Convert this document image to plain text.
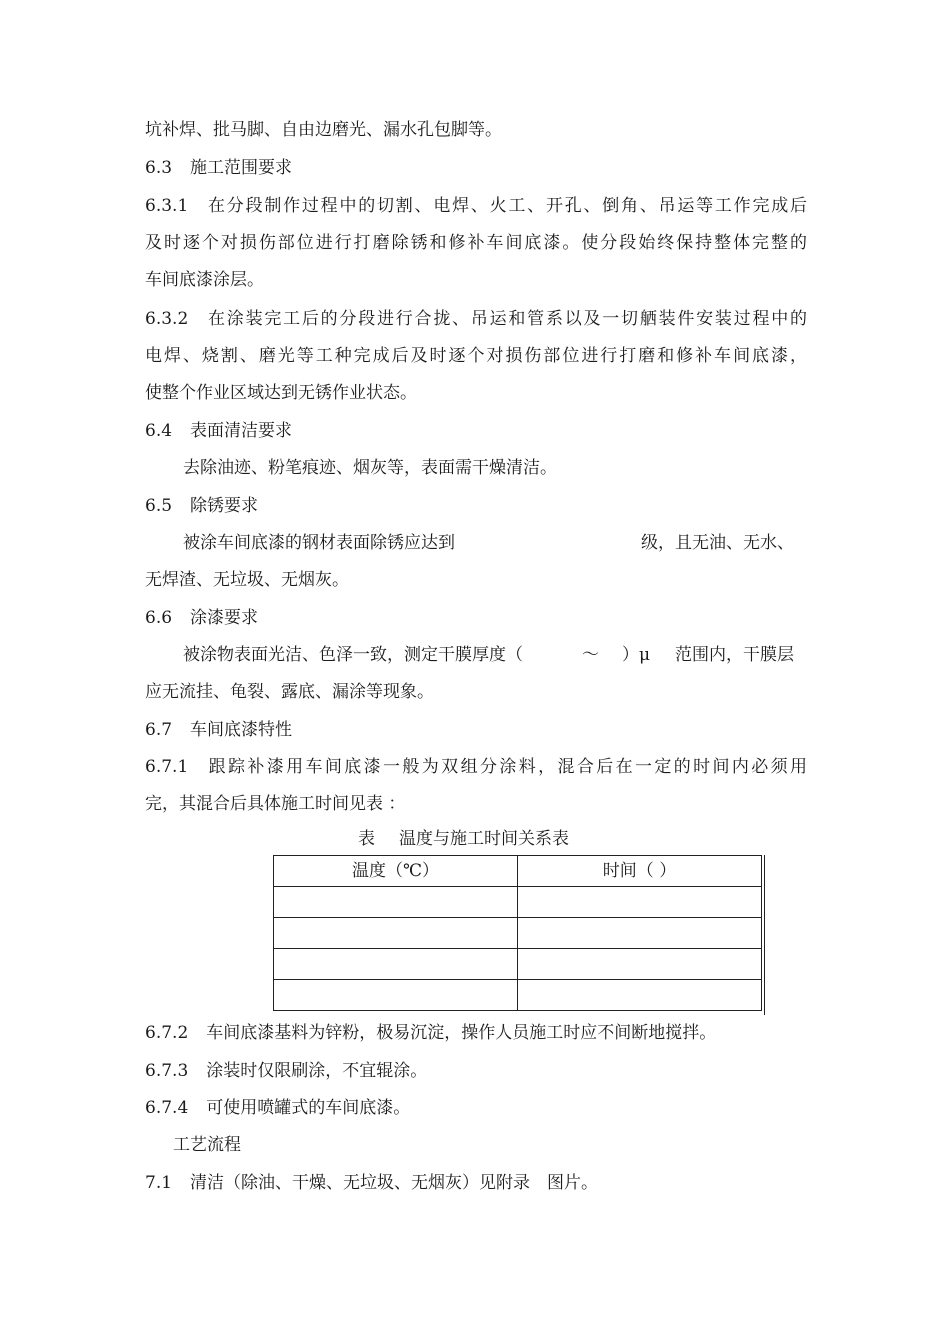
坑补焊、批马脚、自由边磨光、漏水孔包脚等。
6.3 施工范围要求
6.3.1 在分段制作过程中的切割、电焊、火工、开孔、倒角、吊运等工作完成后
及时逐个对损伤部位进行打磨除锈和修补车间底漆。使分段始终保持整体完整的
车间底漆涂层。
6.3.2 在涂装完工后的分段进行合拢、吊运和管系以及一切舾装件安装过程中的
电焊、烧割、磨光等工种完成后及时逐个对损伤部位进行打磨和修补车间底漆，
使整个作业区域达到无锈作业状态。
6.4 表面清洁要求
去除油迹、粉笔痕迹、烟灰等，表面需干燥清洁。
6.5 除锈要求
被涂车间底漆的钢材表面除锈应达到	级，且无油、无水、
无焊渣、无垃圾、无烟灰。
6.6 涂漆要求
被涂物表面光洁、色泽一致，测定干膜厚度（	～ ）μ 范围内，干膜层
应无流挂、龟裂、露底、漏涂等现象。
6.7 车间底漆特性
6.7.1 跟踪补漆用车间底漆一般为双组分涂料，混合后在一定的时间内必须用
完，其混合后具体施工时间见表 ：
表 温度与施工时间关系表
温度（℃）	时间（ ）

6.7.2 车间底漆基料为锌粉，极易沉淀，操作人员施工时应不间断地搅拌。
6.7.3 涂装时仅限刷涂，不宜辊涂。
6.7.4 可使用喷罐式的车间底漆。
工艺流程
7.1 清洁（除油、干燥、无垃圾、无烟灰）见附录　图片。
